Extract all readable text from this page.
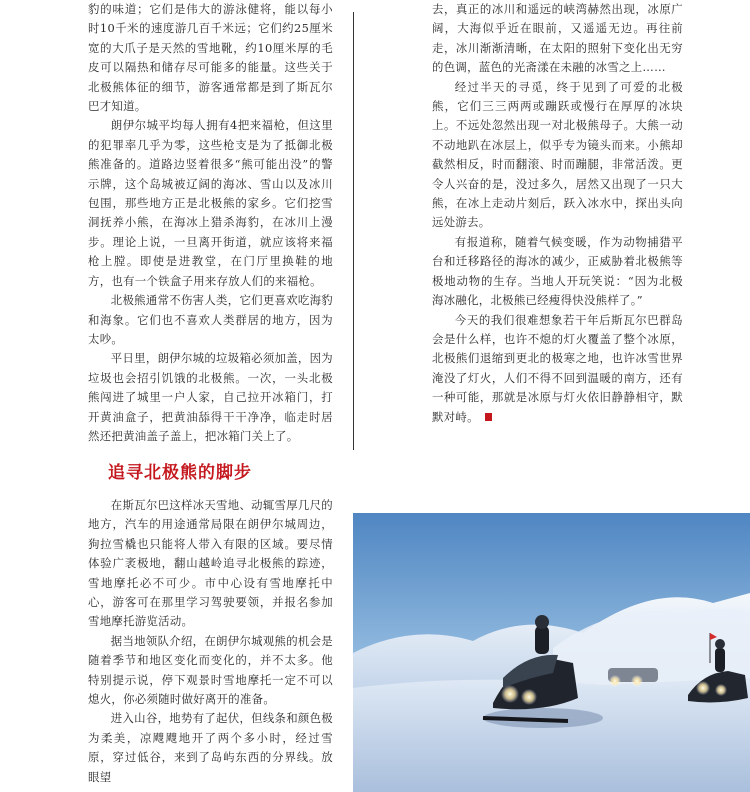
豹的味道；它们是伟大的游泳健将，能以每小时10千米的速度游几百千米远；它们约25厘米宽的大爪子是天然的雪地靴，约10厘米厚的毛皮可以隔热和储存尽可能多的能量。这些关于北极熊体征的细节，游客通常都是到了斯瓦尔巴才知道。

朗伊尔城平均每人拥有4把来福枪，但这里的犯罪率几乎为零，这些枪支是为了抵御北极熊准备的。道路边竖着很多“熊可能出没”的警示牌，这个岛城被辽阔的海冰、雪山以及冰川包围，那些地方正是北极熊的家乡。它们挖雪洞抚养小熊，在海冰上猎杀海豹，在冰川上漫步。理论上说，一旦离开街道，就应该将来福枪上膛。即使是进教堂，在门厅里换鞋的地方，也有一个铁盒子用来存放人们的来福枪。

北极熊通常不伤害人类，它们更喜欢吃海豹和海象。它们也不喜欢人类群居的地方，因为太吵。

平日里，朗伊尔城的垃圾箱必须加盖，因为垃圾也会招引饥饿的北极熊。一次，一头北极熊闯进了城里一户人家，自己拉开冰箱门，打开黄油盒子，把黄油舔得干干净净，临走时居然还把黄油盖子盖上，把冰箱门关上了。

去，真正的冰川和遥远的峡湾赫然出现，冰原广阔，大海似乎近在眼前，又遥遥无边。再往前走，冰川渐渐清晰，在太阳的照射下变化出无穷的色调，蓝色的光斋漾在未融的冰雪之上……

经过半天的寻觅，终于见到了可爱的北极熊，它们三三两两或蹦跃或慢行在厚厚的冰块上。不远处忽然出现一对北极熊母子。大熊一动不动地趴在冰层上，似乎专为镜头而来。小熊却截然相反，时而翻滚、时而蹦腿，非常活泼。更令人兴奋的是，没过多久，居然又出现了一只大熊，在冰上走动片刻后，跃入冰水中，探出头向远处游去。

有报道称，随着气候变暖，作为动物捕猎平台和迁移路径的海冰的减少，正威胁着北极熊等极地动物的生存。当地人开玩笑说：“因为北极海冰融化，北极熊已经瘦得快没熊样了。”

今天的我们很难想象若干年后斯瓦尔巴群岛会是什么样，也许不熄的灯火覆盖了整个冰原，北极熊们退缩到更北的极寒之地，也许冰雪世界淹没了灯火，人们不得不回到温暖的南方，还有一种可能，那就是冰原与灯火依旧静静相守，默默对峙。

追寻北极熊的脚步

在斯瓦尔巴这样冰天雪地、动辄雪厚几尺的地方，汽车的用途通常局限在朗伊尔城周边，狗拉雪橇也只能将人带入有限的区域。要尽情体验广袤极地，翻山越岭追寻北极熊的踪迹，雪地摩托必不可少。市中心设有雪地摩托中心，游客可在那里学习驾驶要领，并报名参加雪地摩托游览活动。

据当地领队介绍，在朗伊尔城观熊的机会是随着季节和地区变化而变化的，并不太多。他特别提示说，停下观景时雪地摩托一定不可以熄火，你必须随时做好离开的准备。

进入山谷，地势有了起伏，但线条和颜色极为柔美，凉飕飕地开了两个多小时，经过雪原，穿过低谷，来到了岛屿东西的分界线。放眼望
